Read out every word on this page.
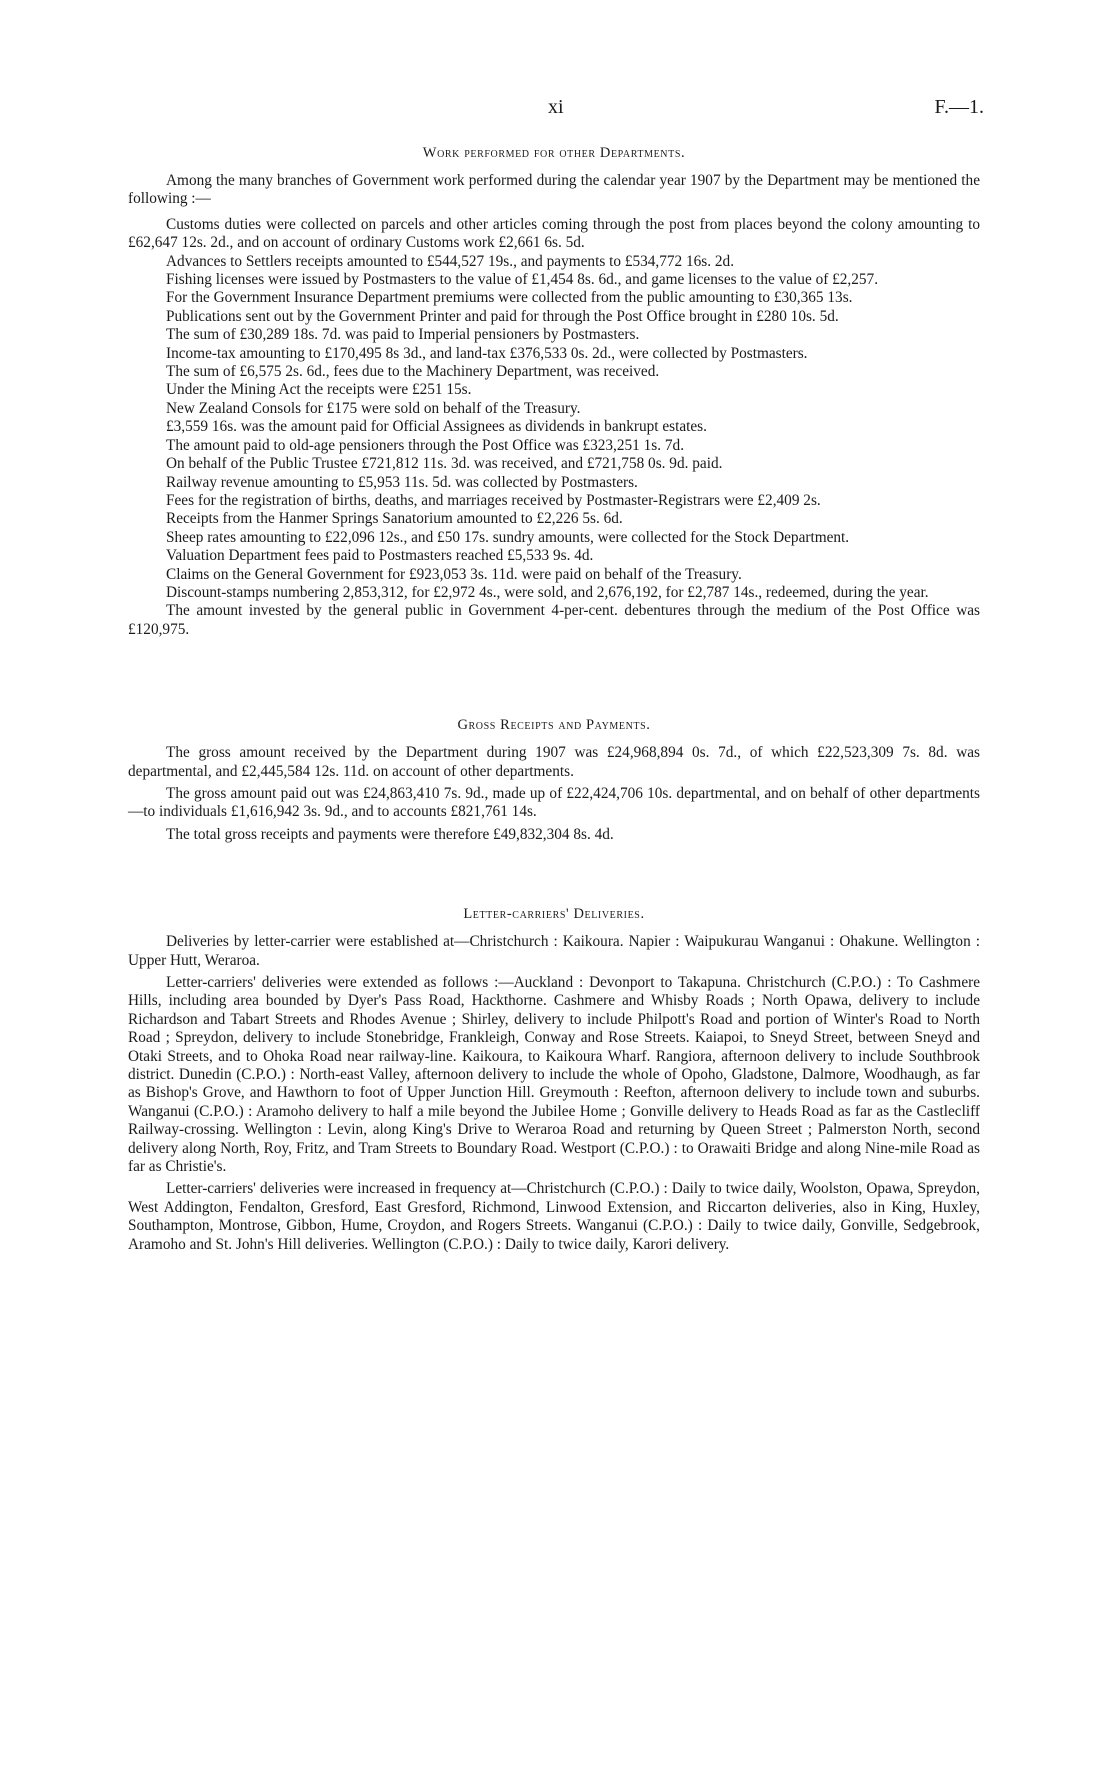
xi	F.—1.
Work performed for other Departments.

Among the many branches of Government work performed during the calendar year 1907 by the Department may be mentioned the following :—

Customs duties were collected on parcels and other articles coming through the post from places beyond the colony amounting to £62,647 12s. 2d., and on account of ordinary Customs work £2,661 6s. 5d.

Advances to Settlers receipts amounted to £544,527 19s., and payments to £534,772 16s. 2d.

Fishing licenses were issued by Postmasters to the value of £1,454 8s. 6d., and game licenses to the value of £2,257.

For the Government Insurance Department premiums were collected from the public amounting to £30,365 13s.

Publications sent out by the Government Printer and paid for through the Post Office brought in £280 10s. 5d.

The sum of £30,289 18s. 7d. was paid to Imperial pensioners by Postmasters.

Income-tax amounting to £170,495 8s 3d., and land-tax £376,533 0s. 2d., were collected by Postmasters.

The sum of £6,575 2s. 6d., fees due to the Machinery Department, was received.

Under the Mining Act the receipts were £251 15s.

New Zealand Consols for £175 were sold on behalf of the Treasury.

£3,559 16s. was the amount paid for Official Assignees as dividends in bankrupt estates.

The amount paid to old-age pensioners through the Post Office was £323,251 1s. 7d.

On behalf of the Public Trustee £721,812 11s. 3d. was received, and £721,758 0s. 9d. paid.

Railway revenue amounting to £5,953 11s. 5d. was collected by Postmasters.

Fees for the registration of births, deaths, and marriages received by Postmaster-Registrars were £2,409 2s.

Receipts from the Hanmer Springs Sanatorium amounted to £2,226 5s. 6d.

Sheep rates amounting to £22,096 12s., and £50 17s. sundry amounts, were collected for the Stock Department.

Valuation Department fees paid to Postmasters reached £5,533 9s. 4d.

Claims on the General Government for £923,053 3s. 11d. were paid on behalf of the Treasury.

Discount-stamps numbering 2,853,312, for £2,972 4s., were sold, and 2,676,192, for £2,787 14s., redeemed, during the year.

The amount invested by the general public in Government 4-per-cent. debentures through the medium of the Post Office was £120,975.

Gross Receipts and Payments.

The gross amount received by the Department during 1907 was £24,968,894 0s. 7d., of which £22,523,309 7s. 8d. was departmental, and £2,445,584 12s. 11d. on account of other departments.

The gross amount paid out was £24,863,410 7s. 9d., made up of £22,424,706 10s. departmental, and on behalf of other departments—to individuals £1,616,942 3s. 9d., and to accounts £821,761 14s.

The total gross receipts and payments were therefore £49,832,304 8s. 4d.

Letter-carriers' Deliveries.

Deliveries by letter-carrier were established at—Christchurch : Kaikoura. Napier : Waipukurau Wanganui : Ohakune. Wellington : Upper Hutt, Weraroa.

Letter-carriers' deliveries were extended as follows :—Auckland : Devonport to Takapuna. Christchurch (C.P.O.) : To Cashmere Hills, including area bounded by Dyer's Pass Road, Hackthorne. Cashmere and Whisby Roads ; North Opawa, delivery to include Richardson and Tabart Streets and Rhodes Avenue ; Shirley, delivery to include Philpott's Road and portion of Winter's Road to North Road ; Spreydon, delivery to include Stonebridge, Frankleigh, Conway and Rose Streets. Kaiapoi, to Sneyd Street, between Sneyd and Otaki Streets, and to Ohoka Road near railway-line. Kaikoura, to Kaikoura Wharf. Rangiora, afternoon delivery to include Southbrook district. Dunedin (C.P.O.) : North-east Valley, afternoon delivery to include the whole of Opoho, Gladstone, Dalmore, Woodhaugh, as far as Bishop's Grove, and Hawthorn to foot of Upper Junction Hill. Greymouth : Reefton, afternoon delivery to include town and suburbs. Wanganui (C.P.O.) : Aramoho delivery to half a mile beyond the Jubilee Home ; Gonville delivery to Heads Road as far as the Castlecliff Railway-crossing. Wellington : Levin, along King's Drive to Weraroa Road and returning by Queen Street ; Palmerston North, second delivery along North, Roy, Fritz, and Tram Streets to Boundary Road. Westport (C.P.O.) : to Orawaiti Bridge and along Nine-mile Road as far as Christie's.

Letter-carriers' deliveries were increased in frequency at—Christchurch (C.P.O.) : Daily to twice daily, Woolston, Opawa, Spreydon, West Addington, Fendalton, Gresford, East Gresford, Richmond, Linwood Extension, and Riccarton deliveries, also in King, Huxley, Southampton, Montrose, Gibbon, Hume, Croydon, and Rogers Streets. Wanganui (C.P.O.) : Daily to twice daily, Gonville, Sedgebrook, Aramoho and St. John's Hill deliveries. Wellington (C.P.O.) : Daily to twice daily, Karori delivery.
